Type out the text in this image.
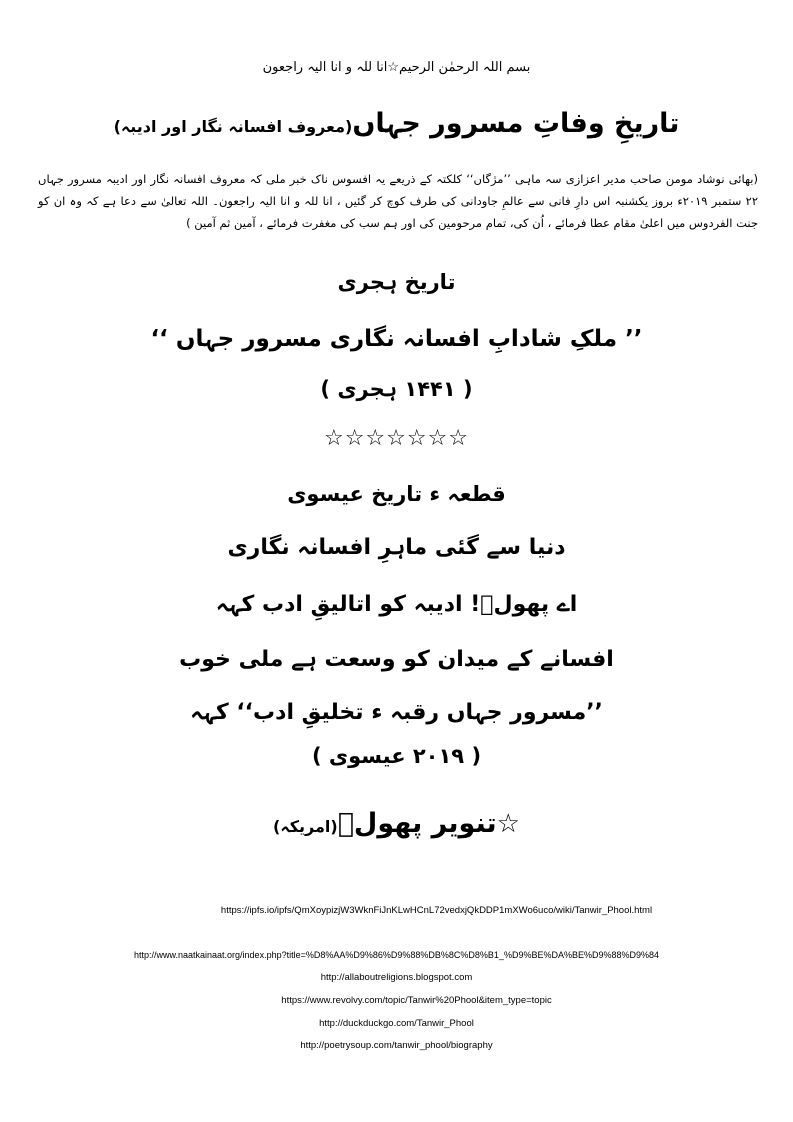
بسم اللہ الرحمٰن الرحیم☆انا للہ و انا الیہ راجعون
تاریخِ وفاتِ مسرور جہاں(معروف افسانہ نگار اور ادیبہ)
(بھائی نوشاد مومن صاحب مدیر اعزازی سہ ماہی ’’مژگاں‘‘ کلکتہ کے ذریعے یہ افسوس ناک خبر ملی کہ معروف افسانہ نگار اور ادیبہ مسرور جہاں ۲۲ ستمبر ۲۰۱۹ء بروز یکشنبہ اس دارِ فانی سے عالمِ جاودانی کی طرف کوچ کر گئیں ، انا للہ و انا الیہ راجعون۔ اللہ تعالیٰ سے دعا ہے کہ وہ ان کو جنت الفردوس میں اعلیٰ مقام عطا فرمائے ، اُن کی، تمام مرحومین کی اور ہم سب کی مغفرت فرمائے ، آمین ثم آمین )
تاریخ ہجری
’’ ملکِ شادابِ افسانہ نگاری مسرور جہاں ‘‘
( ۱۴۴۱ ہجری )
☆☆☆☆☆☆☆
قطعہ ء تاریخ عیسوی
دنیا سے گئی ماہرِ افسانہ نگاری
اے پھولؔ! ادیبہ کو اتالیقِ ادب کہہ
افسانے کے میدان کو وسعت ہے ملی خوب
’’مسرور جہاں رقبہ ء تخلیقِ ادب‘‘ کہہ
( ۲۰۱۹ عیسوی )
☆تنویر پھولؔ(امریکہ)
https://ipfs.io/ipfs/QmXoypizjW3WknFiJnKLwHCnL72vedxjQkDDP1mXWo6uco/wiki/Tanwir_Phool.html
http://www.naatkainaat.org/index.php?title=%D8%AA%D9%86%D9%88%DB%8C%D8%B1_%D9%BE%DA%BE%D9%88%D9%84
http://allaboutreligions.blogspot.com
https://www.revolvy.com/topic/Tanwir%20Phool&item_type=topic
http://duckduckgo.com/Tanwir_Phool
http://poetrysoup.com/tanwir_phool/biography
